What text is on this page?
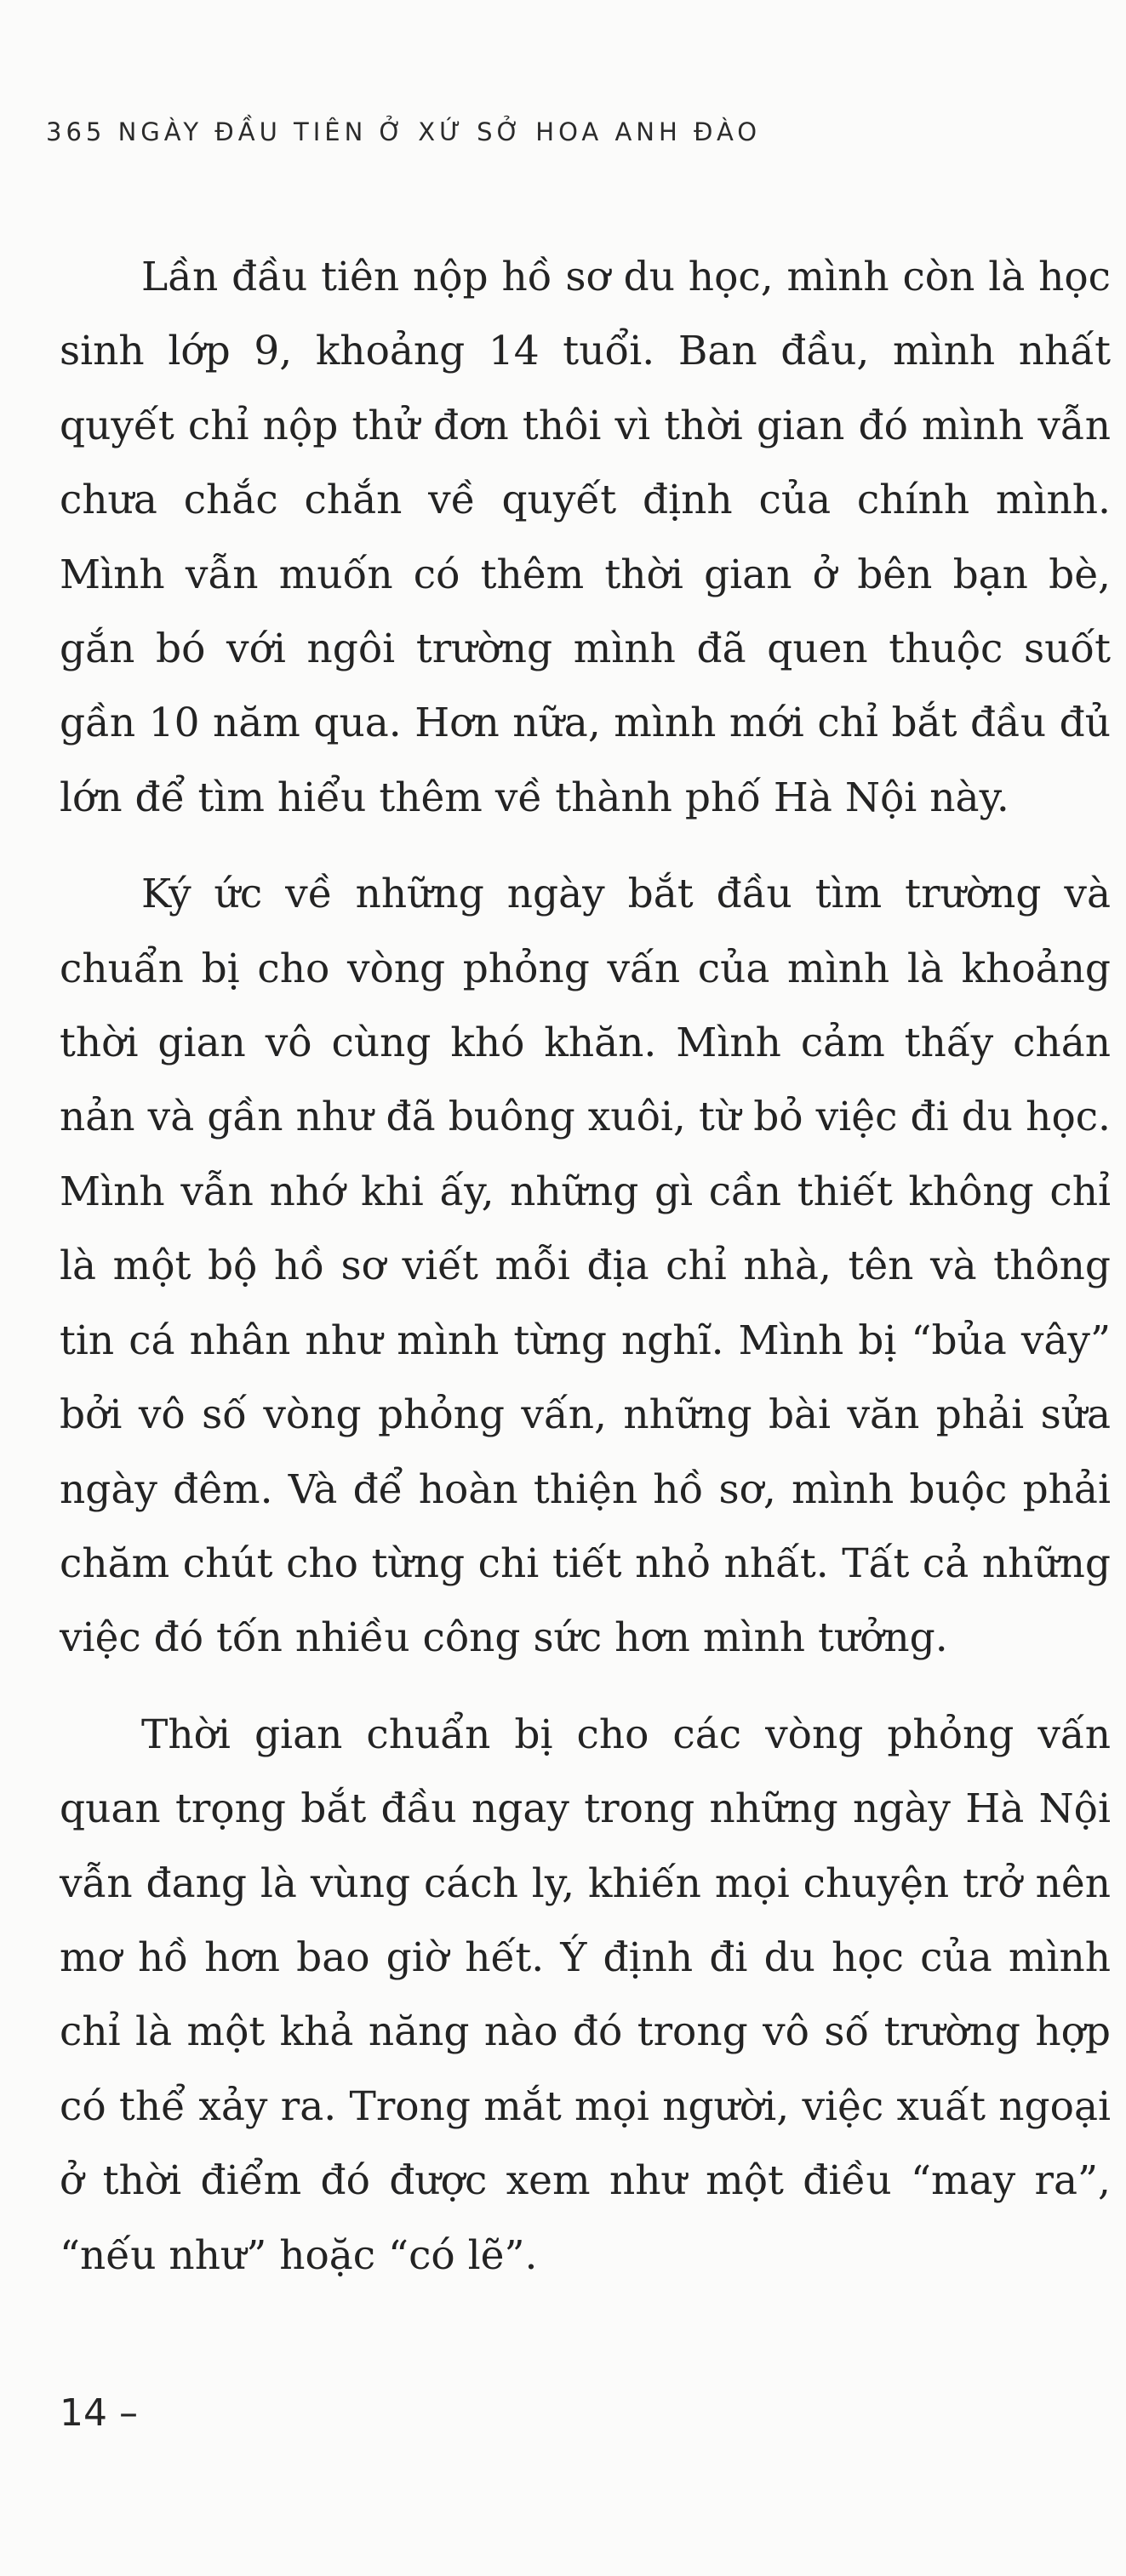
365 NGÀY ĐẦU TIÊN Ở XỨ SỞ HOA ANH ĐÀO

Lần đầu tiên nộp hồ sơ du học, mình còn là học sinh lớp 9, khoảng 14 tuổi. Ban đầu, mình nhất quyết chỉ nộp thử đơn thôi vì thời gian đó mình vẫn chưa chắc chắn về quyết định của chính mình. Mình vẫn muốn có thêm thời gian ở bên bạn bè, gắn bó với ngôi trường mình đã quen thuộc suốt gần 10 năm qua. Hơn nữa, mình mới chỉ bắt đầu đủ lớn để tìm hiểu thêm về thành phố Hà Nội này.

Ký ức về những ngày bắt đầu tìm trường và chuẩn bị cho vòng phỏng vấn của mình là khoảng thời gian vô cùng khó khăn. Mình cảm thấy chán nản và gần như đã buông xuôi, từ bỏ việc đi du học. Mình vẫn nhớ khi ấy, những gì cần thiết không chỉ là một bộ hồ sơ viết mỗi địa chỉ nhà, tên và thông tin cá nhân như mình từng nghĩ. Mình bị “bủa vây” bởi vô số vòng phỏng vấn, những bài văn phải sửa ngày đêm. Và để hoàn thiện hồ sơ, mình buộc phải chăm chút cho từng chi tiết nhỏ nhất. Tất cả những việc đó tốn nhiều công sức hơn mình tưởng.

Thời gian chuẩn bị cho các vòng phỏng vấn quan trọng bắt đầu ngay trong những ngày Hà Nội vẫn đang là vùng cách ly, khiến mọi chuyện trở nên mơ hồ hơn bao giờ hết. Ý định đi du học của mình chỉ là một khả năng nào đó trong vô số trường hợp có thể xảy ra. Trong mắt mọi người, việc xuất ngoại ở thời điểm đó được xem như một điều “may ra”, “nếu như” hoặc “có lẽ”.

14 –
